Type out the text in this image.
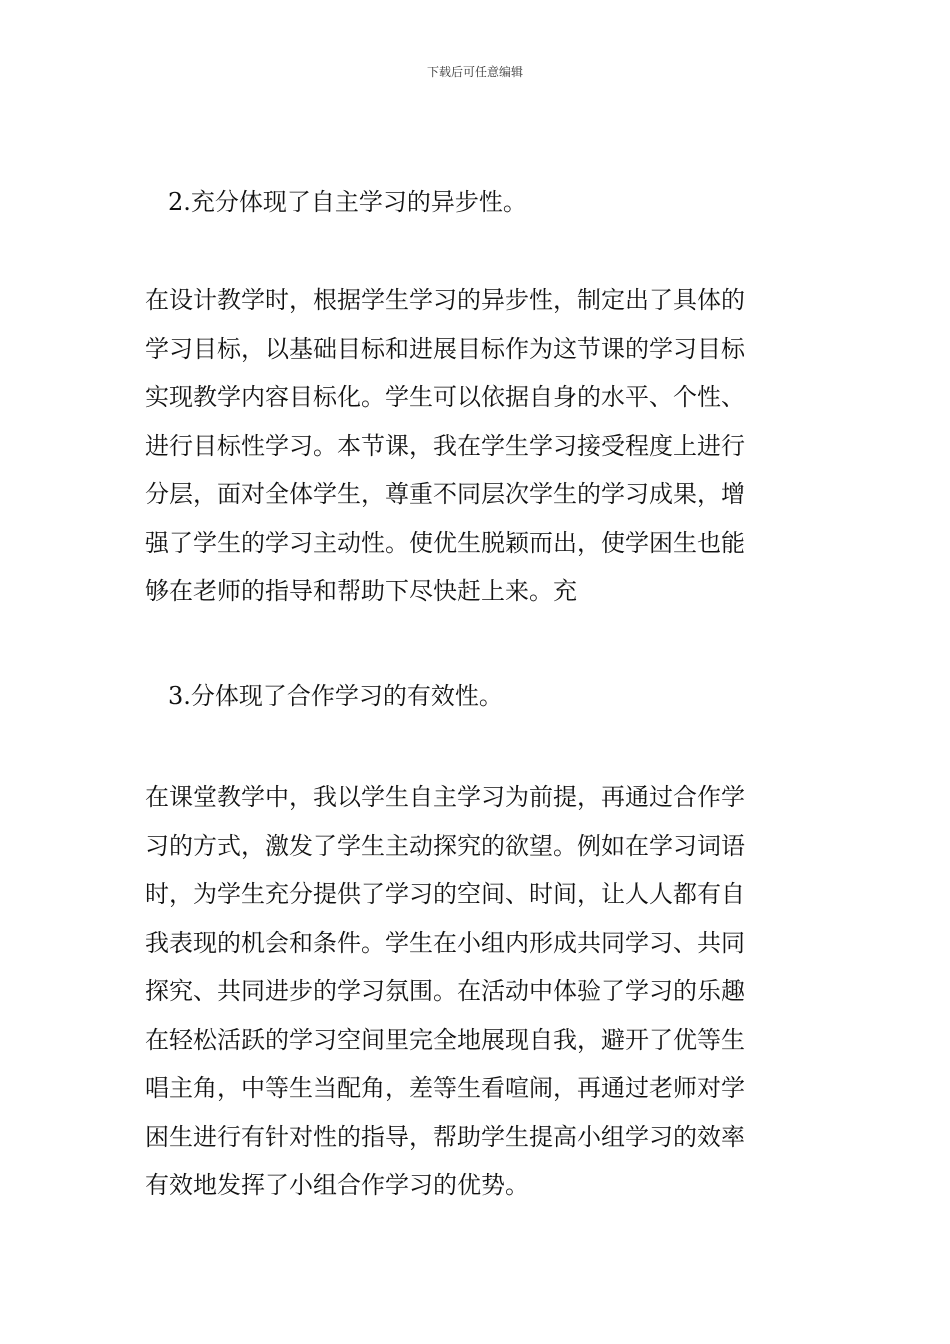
下载后可任意编辑
2.充分体现了自主学习的异步性。
在设计教学时，根据学生学习的异步性，制定出了具体的
学习目标，以基础目标和进展目标作为这节课的学习目标
实现教学内容目标化。学生可以依据自身的水平、个性、
进行目标性学习。本节课，我在学生学习接受程度上进行
分层，面对全体学生，尊重不同层次学生的学习成果，增
强了学生的学习主动性。使优生脱颖而出，使学困生也能
够在老师的指导和帮助下尽快赶上来。充
3.分体现了合作学习的有效性。
在课堂教学中，我以学生自主学习为前提，再通过合作学
习的方式，激发了学生主动探究的欲望。例如在学习词语
时，为学生充分提供了学习的空间、时间，让人人都有自
我表现的机会和条件。学生在小组内形成共同学习、共同
探究、共同进步的学习氛围。在活动中体验了学习的乐趣
在轻松活跃的学习空间里完全地展现自我，避开了优等生
唱主角，中等生当配角，差等生看喧闹，再通过老师对学
困生进行有针对性的指导，帮助学生提高小组学习的效率
有效地发挥了小组合作学习的优势。
